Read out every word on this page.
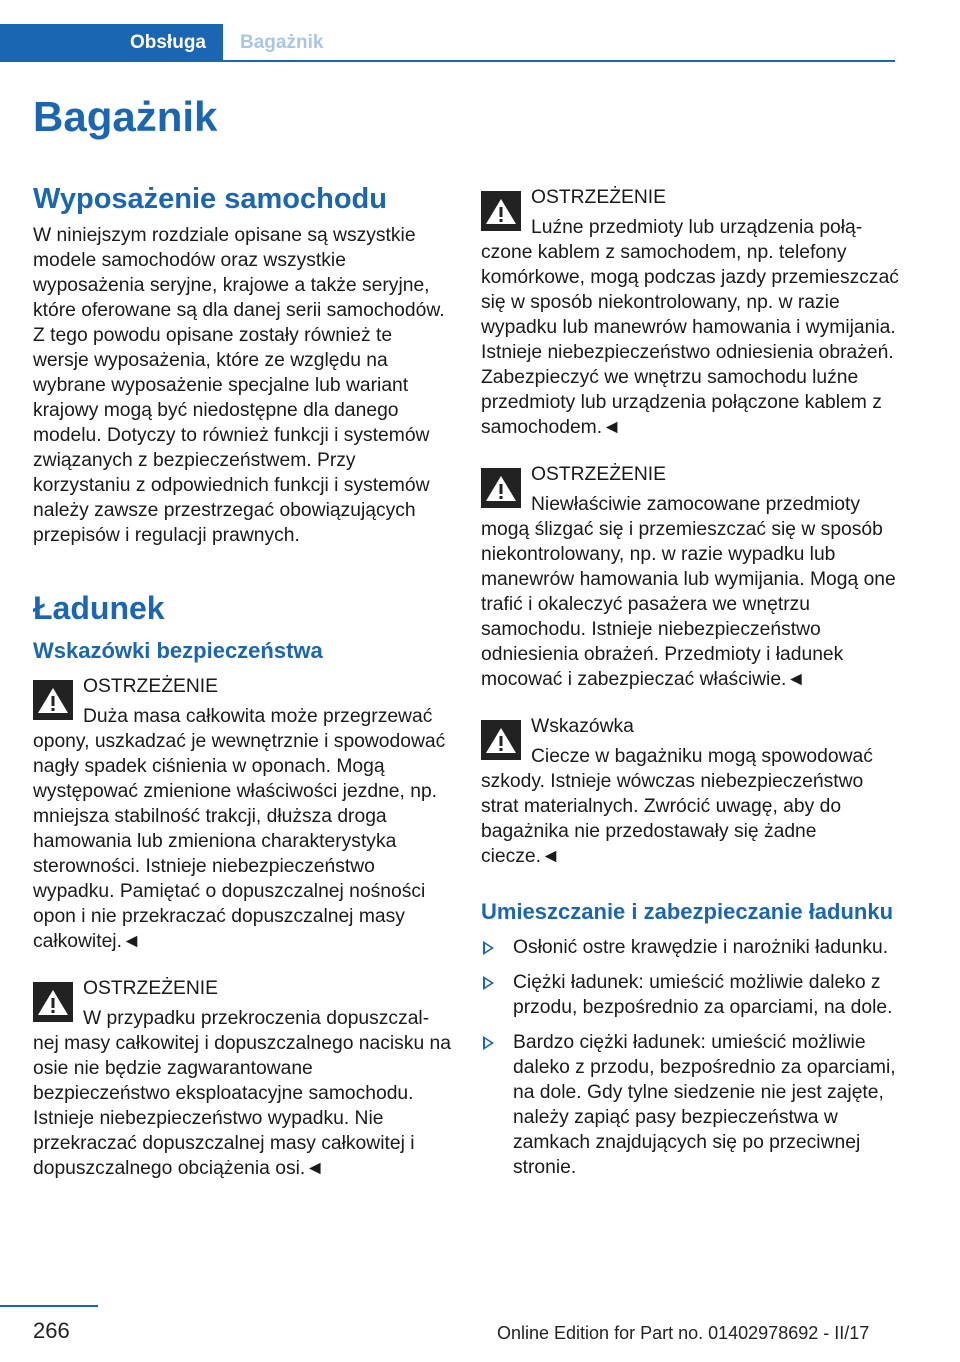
Obsługa	Bagażnik
Bagażnik
Wyposażenie samochodu

W niniejszym rozdziale opisane są wszystkie modele samochodów oraz wszystkie wyposażenia seryjne, krajowe a także seryjne, które oferowane są dla danej serii samochodów. Z tego powodu opisane zostały również te wersje wyposażenia, które ze względu na wybrane wyposażenie specjalne lub wariant krajowy mogą być niedostępne dla danego modelu. Dotyczy to również funkcji i systemów związanych z bezpieczeństwem. Przy korzystaniu z odpowiednich funkcji i systemów należy zawsze przestrzegać obowiązujących przepisów i regulacji prawnych.

Ładunek
Wskazówki bezpieczeństwa
OSTRZEŻENIE
Duża masa całkowita może przegrzewać
opony, uszkadzać je wewnętrznie i spowodować nagły spadek ciśnienia w oponach. Mogą występować zmienione właściwości jezdne, np. mniejsza stabilność trakcji, dłuższa droga hamowania lub zmieniona charakterystyka sterowności. Istnieje niebezpieczeństwo wypadku. Pamiętać o dopuszczalnej nośności opon i nie przekraczać dopuszczalnej masy całkowitej.◄
OSTRZEŻENIE
W przypadku przekroczenia dopuszczal-
nej masy całkowitej i dopuszczalnego nacisku na osie nie będzie zagwarantowane bezpieczeństwo eksploatacyjne samochodu. Istnieje niebezpieczeństwo wypadku. Nie przekraczać dopuszczalnej masy całkowitej i dopuszczalnego obciążenia osi.◄
OSTRZEŻENIE
Luźne przedmioty lub urządzenia połą-
czone kablem z samochodem, np. telefony komórkowe, mogą podczas jazdy przemieszczać się w sposób niekontrolowany, np. w razie wypadku lub manewrów hamowania i wymijania. Istnieje niebezpieczeństwo odniesienia obrażeń. Zabezpieczyć we wnętrzu samochodu luźne przedmioty lub urządzenia połączone kablem z samochodem.◄
OSTRZEŻENIE
Niewłaściwie zamocowane przedmioty
mogą ślizgać się i przemieszczać się w sposób niekontrolowany, np. w razie wypadku lub manewrów hamowania lub wymijania. Mogą one trafić i okaleczyć pasażera we wnętrzu samochodu. Istnieje niebezpieczeństwo odniesienia obrażeń. Przedmioty i ładunek mocować i zabezpieczać właściwie.◄
Wskazówka
Ciecze w bagażniku mogą spowodować
szkody. Istnieje wówczas niebezpieczeństwo strat materialnych. Zwrócić uwagę, aby do bagażnika nie przedostawały się żadne ciecze.◄
Umieszczanie i zabezpieczanie ładunku
Osłonić ostre krawędzie i narożniki ładunku.
Ciężki ładunek: umieścić możliwie daleko z przodu, bezpośrednio za oparciami, na dole.
Bardzo ciężki ładunek: umieścić możliwie daleko z przodu, bezpośrednio za oparciami, na dole. Gdy tylne siedzenie nie jest zajęte, należy zapiąć pasy bezpieczeństwa w zamkach znajdujących się po przeciwnej stronie.
266	Online Edition for Part no. 01402978692 - II/17
